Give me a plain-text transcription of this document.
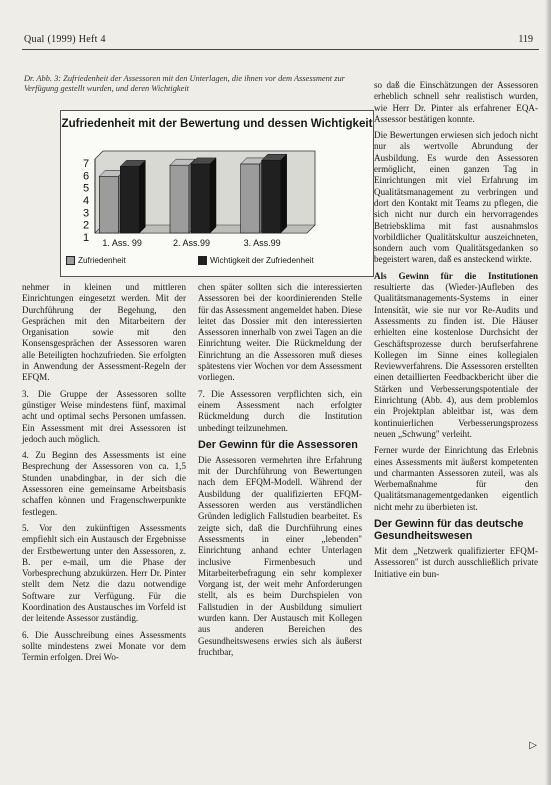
Qual (1999) Heft 4	119
Dr. Abb. 3: Zufriedenheit der Assessoren mit den Unterlagen, die ihnen vor dem Assessment zur Verfügung gestellt wurden, und deren Wichtigkeit
Zufriedenheit mit der Bewertung und dessen Wichtigkeit
7
6
5
4
3
2
1 1. Ass. 99	2. Ass.99	3. Ass.99
Zufriedenheit	Wichtigkeit der Zufriedenheit

nehmer in kleinen und mittleren Einrichtungen eingesetzt werden. Mit der Durchführung der Begehung, den Gesprächen mit den Mitarbeitern der Organisation sowie mit den Konsensgesprächen der Assessoren waren alle Beteiligten hochzufrieden. Sie erfolgten in Anwendung der Assessment-Regeln der EFQM.

3. Die Gruppe der Assessoren sollte günstiger Weise mindestens fünf, maximal acht und optimal sechs Personen umfassen. Ein Assessment mit drei Assessoren ist jedoch auch möglich.

4. Zu Beginn des Assessments ist eine Besprechung der Assessoren von ca. 1,5 Stunden unabdingbar, in der sich die Assessoren eine gemeinsame Arbeitsbasis schaffen können und Fragenschwerpunkte festlegen.

5. Vor den zukünftigen Assessments empfiehlt sich ein Austausch der Ergebnisse der Erstbewertung unter den Assessoren, z. B. per e-mail, um die Phase der Vorbesprechung abzukürzen. Herr Dr. Pinter stellt dem Netz die dazu notwendige Software zur Verfügung. Für die Koordination des Austausches im Vorfeld ist der leitende Assessor zuständig.

6. Die Ausschreibung eines Assessments sollte mindestens zwei Monate vor dem Termin erfolgen. Drei Wo-

chen später sollten sich die interessierten Assessoren bei der koordinierenden Stelle für das Assessment angemeldet haben. Diese leitet das Dossier mit den interessierten Assessoren innerhalb von zwei Tagen an die Einrichtung weiter. Die Rückmeldung der Einrichtung an die Assessoren muß dieses spätestens vier Wochen vor dem Assessment vorliegen.

7. Die Assessoren verpflichten sich, ein einem Assessment nach erfolgter Rückmeldung durch die Institution unbedingt teilzunehmen.

Der Gewinn für die Assessoren

Die Assessoren vermehrten ihre Erfahrung mit der Durchführung von Bewertungen nach dem EFQM-Modell. Während der Ausbildung der qualifizierten EFQM-Assessoren werden aus verständlichen Gründen lediglich Fallstudien bearbeitet. Es zeigte sich, daß die Durchführung eines Assessments in einer „lebenden" Einrichtung anhand echter Unterlagen inclusive Firmenbesuch und Mitarbeiterbefragung ein sehr komplexer Vorgang ist, der weit mehr Anforderungen stellt, als es beim Durchspielen von Fallstudien in der Ausbildung simuliert wurden kann. Der Austausch mit Kollegen aus anderen Bereichen des Gesundheitswesens erwies sich als äußerst fruchtbar,

so daß die Einschätzungen der Assessoren erheblich schnell sehr realistisch wurden, wie Herr Dr. Pinter als erfahrener EQA-Assessor bestätigen konnte.

Die Bewertungen erwiesen sich jedoch nicht nur als wertvolle Abrundung der Ausbildung. Es wurde den Assessoren ermöglicht, einen ganzen Tag in Einrichtungen mit viel Erfahrung im Qualitätsmanagement zu verbringen und dort den Kontakt mit Teams zu pflegen, die sich nicht nur durch ein hervorragendes Betriebsklima mit fast ausnahmslos vorbildlicher Qualitätskultur auszeichneten, sondern auch vom Qualitätsgedanken so begeistert waren, daß es ansteckend wirkte.

Als Gewinn für die Institutionen resultierte das (Wieder-)Aufleben des Qualitätsmanagements-Systems in einer Intensität, wie sie nur vor Re-Audits und Assessments zu finden ist. Die Häuser erhielten eine kostenlose Durchsicht der Geschäftsprozesse durch berufserfahrene Kollegen im Sinne eines kollegialen Reviewverfahrens. Die Assessoren erstellten einen detaillierten Feedbackbericht über die Stärken und Verbesserungspotentiale der Einrichtung (Abb. 4), aus dem problemlos ein Projektplan ableitbar ist, was dem kontinuierlichen Verbesserungsprozess neuen „Schwung" verleiht.

Ferner wurde der Einrichtung das Erlebnis eines Assessments mit äußerst kompetenten und charmanten Assessoren zuteil, was als Werbemaßnahme für den Qualitätsmanagementgedanken eigentlich nicht mehr zu überbieten ist.

Der Gewinn für das deutsche Gesundheitswesen

Mit dem „Netzwerk qualifizierter EFQM-Assessoren" ist durch ausschließlich private Initiative ein bun-

▷
